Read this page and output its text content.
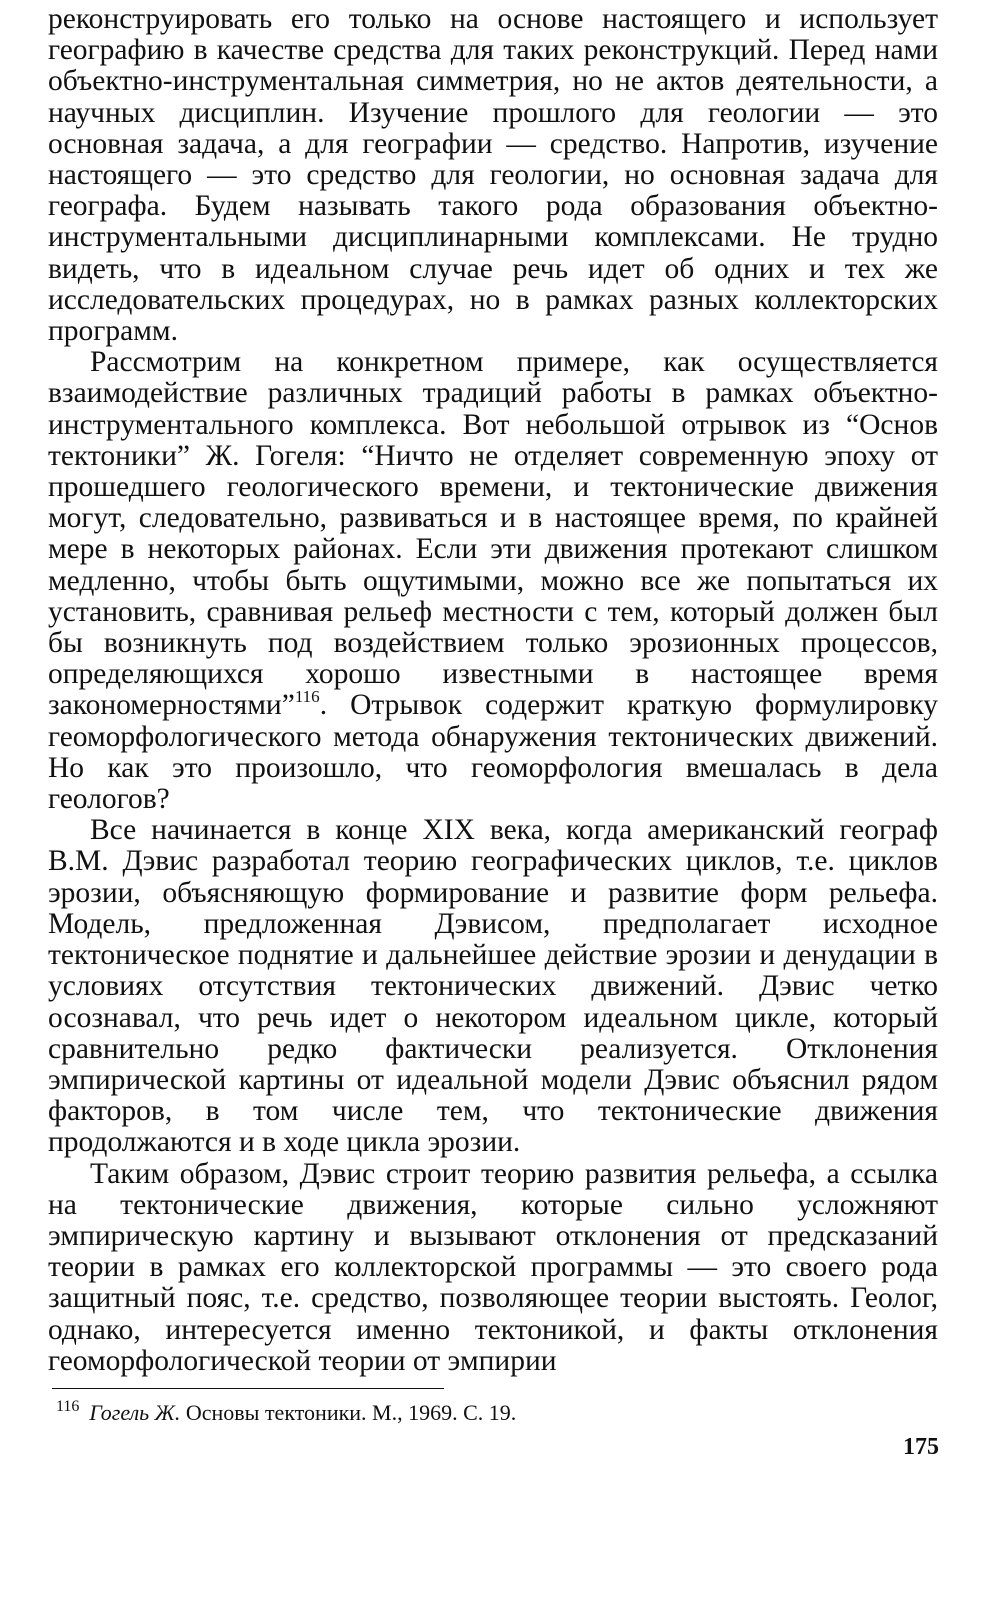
реконструировать его только на основе настоящего и использует географию в качестве средства для таких реконструкций. Перед нами объектно-инструментальная симметрия, но не актов деятельности, а научных дисциплин. Изучение прошлого для геологии — это основная задача, а для географии — средство. Напротив, изучение настоящего — это средство для геологии, но основная задача для географа. Будем называть такого рода образования объектно-инструментальными дисциплинарными комплексами. Не трудно видеть, что в идеальном случае речь идет об одних и тех же исследовательских процедурах, но в рамках разных коллекторских программ.

Рассмотрим на конкретном примере, как осуществляется взаимодействие различных традиций работы в рамках объектно-инструментального комплекса. Вот небольшой отрывок из “Основ тектоники” Ж. Гогеля: “Ничто не отделяет современную эпоху от прошедшего геологического времени, и тектонические движения могут, следовательно, развиваться и в настоящее время, по крайней мере в некоторых районах. Если эти движения протекают слишком медленно, чтобы быть ощутимыми, можно все же попытаться их установить, сравнивая рельеф местности с тем, который должен был бы возникнуть под воздействием только эрозионных процессов, определяющихся хорошо известными в настоящее время закономерностями”$^{116}$. Отрывок содержит краткую формулировку геоморфологического метода обнаружения тектонических движений. Но как это произошло, что геоморфология вмешалась в дела геологов?

Все начинается в конце XIX века, когда американский географ В.М. Дэвис разработал теорию географических циклов, т.е. циклов эрозии, объясняющую формирование и развитие форм рельефа. Модель, предложенная Дэвисом, предполагает исходное тектоническое поднятие и дальнейшее действие эрозии и денудации в условиях отсутствия тектонических движений. Дэвис четко осознавал, что речь идет о некотором идеальном цикле, который сравнительно редко фактически реализуется. Отклонения эмпирической картины от идеальной модели Дэвис объяснил рядом факторов, в том числе тем, что тектонические движения продолжаются и в ходе цикла эрозии.

Таким образом, Дэвис строит теорию развития рельефа, а ссылка на тектонические движения, которые сильно усложняют эмпирическую картину и вызывают отклонения от предсказаний теории в рамках его коллекторской программы — это своего рода защитный пояс, т.е. средство, позволяющее теории выстоять. Геолог, однако, интересуется именно тектоникой, и факты отклонения геоморфологической теории от эмпирии

$^{116}$ Гогель Ж. Основы тектоники. М., 1969. С. 19.
175
